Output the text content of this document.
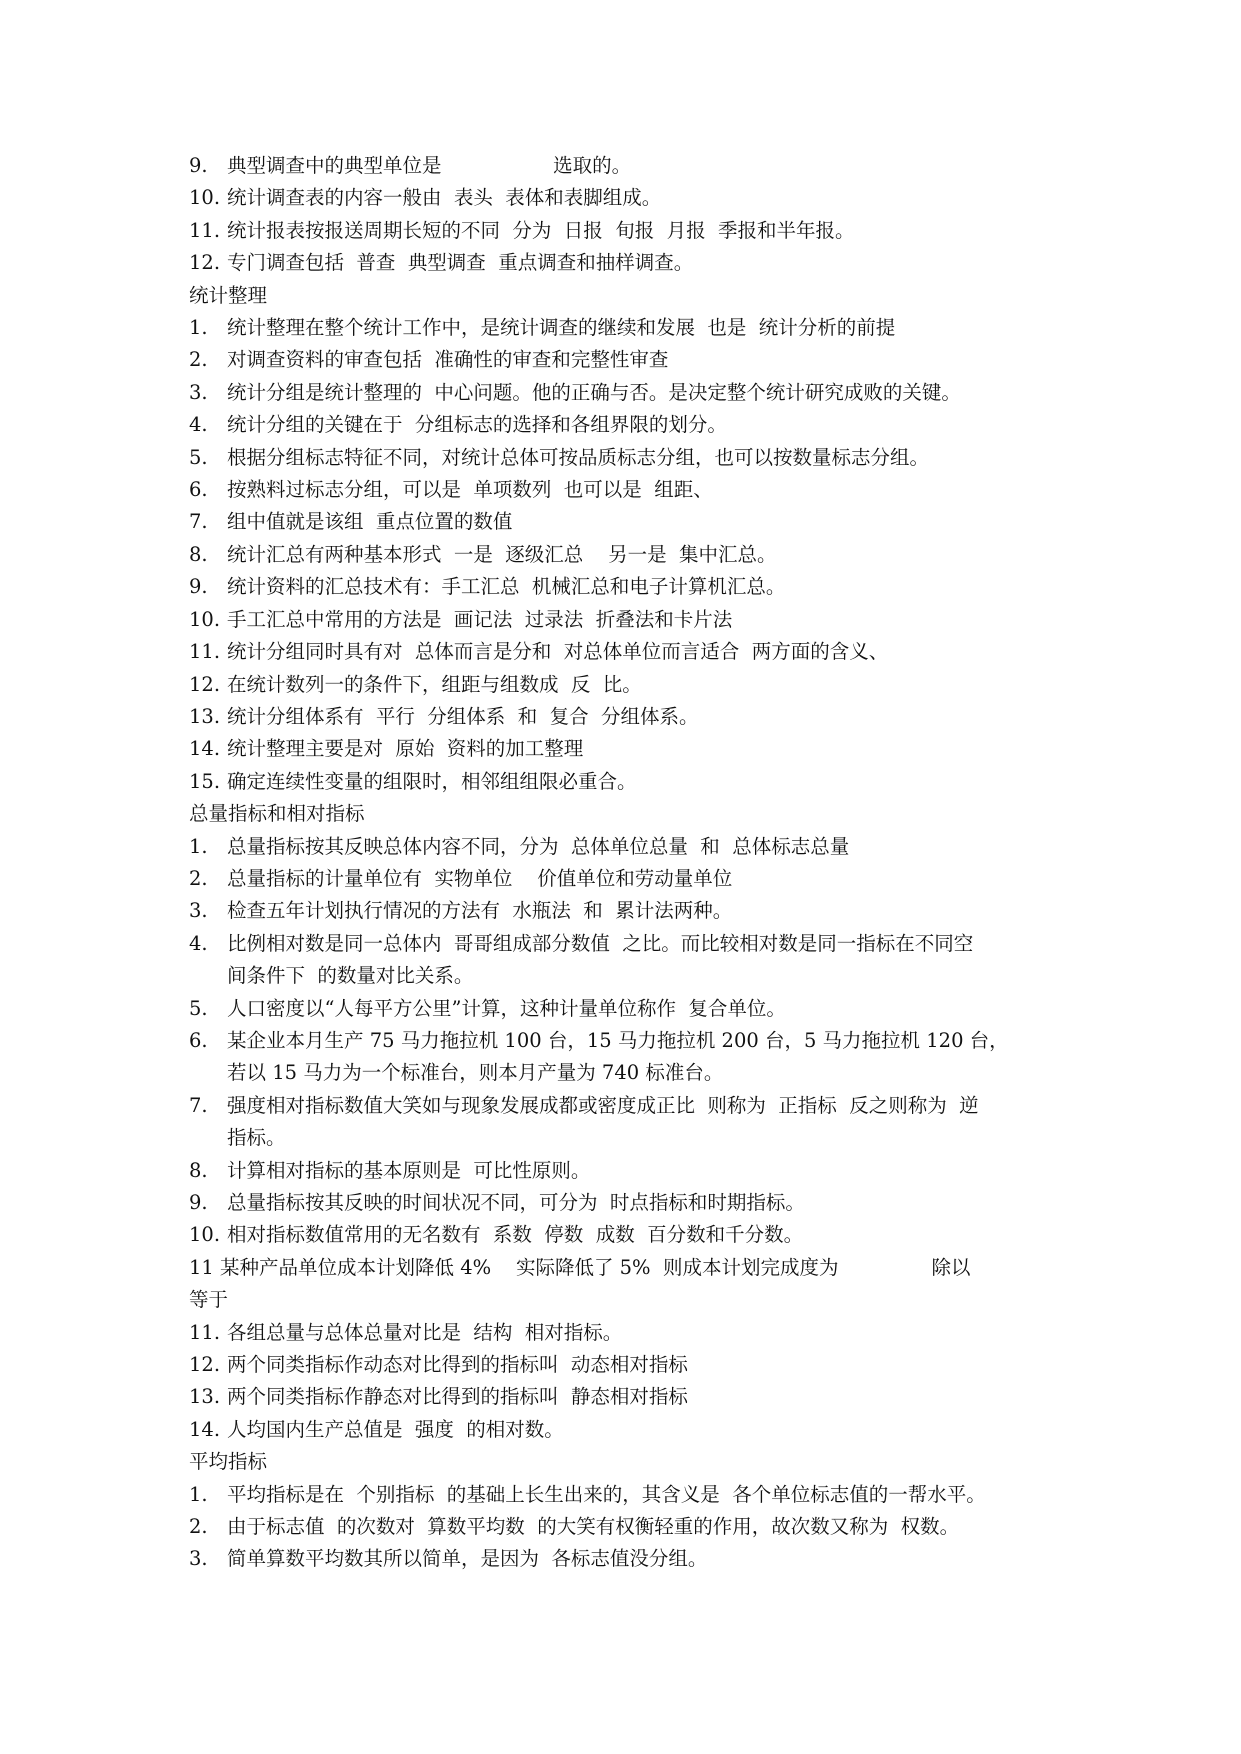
9. 典型调查中的典型单位是                  选取的。
10. 统计调查表的内容一般由  表头  表体和表脚组成。
11. 统计报表按报送周期长短的不同  分为  日报  旬报  月报  季报和半年报。
12. 专门调查包括  普查  典型调查  重点调查和抽样调查。
统计整理
1. 统计整理在整个统计工作中，是统计调查的继续和发展  也是  统计分析的前提
2. 对调查资料的审查包括  准确性的审查和完整性审查
3. 统计分组是统计整理的  中心问题。他的正确与否。是决定整个统计研究成败的关键。
4. 统计分组的关键在于  分组标志的选择和各组界限的划分。
5. 根据分组标志特征不同，对统计总体可按品质标志分组，也可以按数量标志分组。
6. 按熟料过标志分组，可以是  单项数列  也可以是  组距、
7. 组中值就是该组  重点位置的数值
8. 统计汇总有两种基本形式  一是  逐级汇总    另一是  集中汇总。
9. 统计资料的汇总技术有：手工汇总  机械汇总和电子计算机汇总。
10. 手工汇总中常用的方法是  画记法  过录法  折叠法和卡片法
11. 统计分组同时具有对  总体而言是分和  对总体单位而言适合  两方面的含义、
12. 在统计数列一的条件下，组距与组数成  反  比。
13. 统计分组体系有  平行  分组体系  和  复合  分组体系。
14. 统计整理主要是对  原始  资料的加工整理
15. 确定连续性变量的组限时，相邻组组限必重合。
总量指标和相对指标
1. 总量指标按其反映总体内容不同，分为  总体单位总量  和  总体标志总量
2. 总量指标的计量单位有  实物单位    价值单位和劳动量单位
3. 检查五年计划执行情况的方法有  水瓶法  和  累计法两种。
4. 比例相对数是同一总体内  哥哥组成部分数值  之比。而比较相对数是同一指标在不同空
间条件下  的数量对比关系。
5. 人口密度以“人每平方公里”计算，这种计量单位称作  复合单位。
6. 某企业本月生产 75 马力拖拉机 100 台，15 马力拖拉机 200 台，5 马力拖拉机 120 台，
若以 15 马力为一个标准台，则本月产量为 740 标准台。
7. 强度相对指标数值大笑如与现象发展成都或密度成正比  则称为  正指标  反之则称为  逆
指标。
8. 计算相对指标的基本原则是  可比性原则。
9. 总量指标按其反映的时间状况不同，可分为  时点指标和时期指标。
10. 相对指标数值常用的无名数有  系数  停数  成数  百分数和千分数。
11 某种产品单位成本计划降低 4%    实际降低了 5%  则成本计划完成度为               除以
等于
11. 各组总量与总体总量对比是  结构  相对指标。
12. 两个同类指标作动态对比得到的指标叫  动态相对指标
13. 两个同类指标作静态对比得到的指标叫  静态相对指标
14. 人均国内生产总值是  强度  的相对数。
平均指标
1. 平均指标是在  个别指标  的基础上长生出来的，其含义是  各个单位标志值的一帮水平。
2. 由于标志值  的次数对  算数平均数  的大笑有权衡轻重的作用，故次数又称为  权数。
3. 简单算数平均数其所以简单，是因为  各标志值没分组。
